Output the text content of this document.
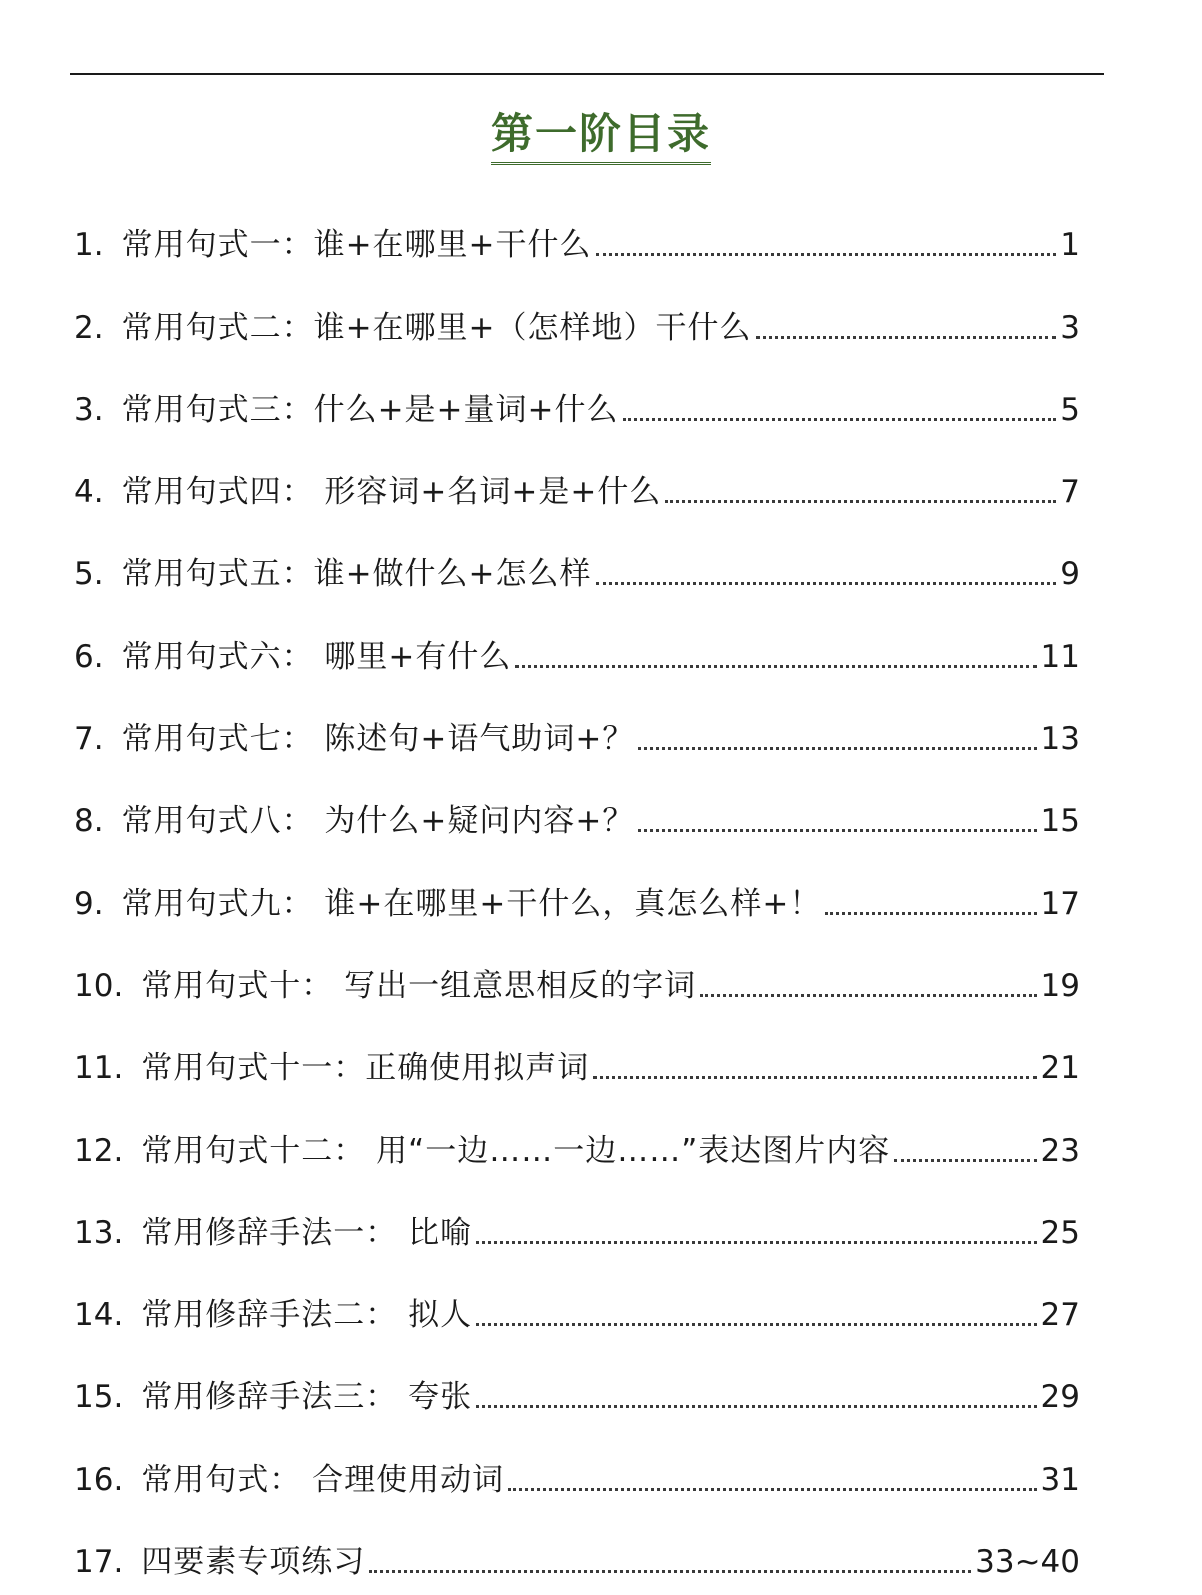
第一阶目录
1. 常用句式一：谁+在哪里+干什么	1
2. 常用句式二：谁+在哪里+（怎样地）干什么	3
3. 常用句式三：什么+是+量词+什么	5
4. 常用句式四： 形容词+名词+是+什么	7
5. 常用句式五：谁+做什么+怎么样	9
6. 常用句式六： 哪里+有什么	11
7. 常用句式七： 陈述句+语气助词+？	13
8. 常用句式八： 为什么+疑问内容+？	15
9. 常用句式九： 谁+在哪里+干什么，真怎么样+！	17
10. 常用句式十： 写出一组意思相反的字词	19
11. 常用句式十一：正确使用拟声词	21
12. 常用句式十二： 用“一边……一边……”表达图片内容	23
13. 常用修辞手法一： 比喻	25
14. 常用修辞手法二： 拟人	27
15. 常用修辞手法三： 夸张	29
16. 常用句式： 合理使用动词	31
17. 四要素专项练习	33~40
